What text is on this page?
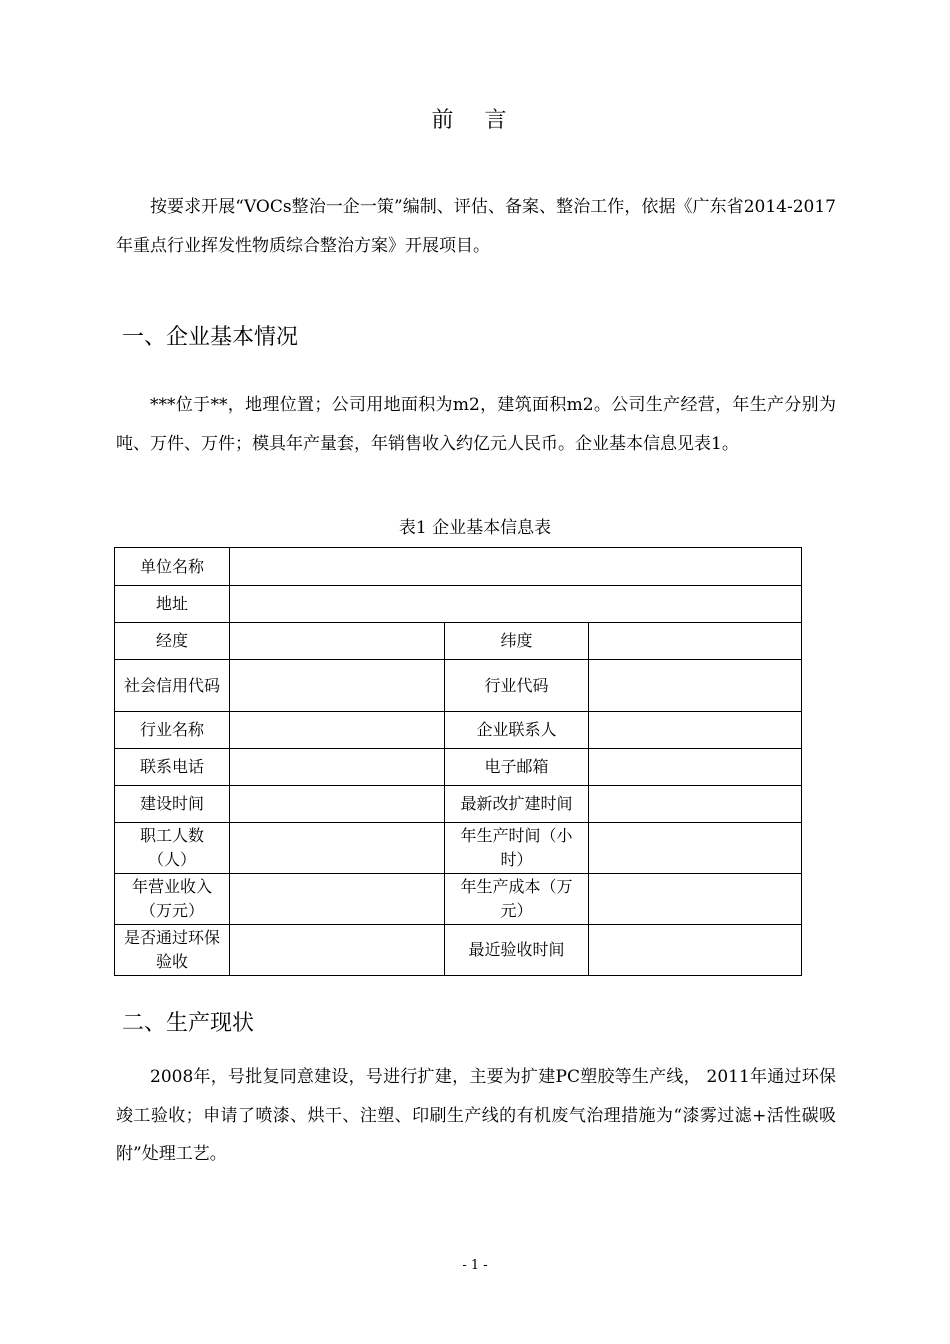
前 言

按要求开展“VOCs整治一企一策”编制、评估、备案、整治工作，依据《广东省2014-2017年重点行业挥发性物质综合整治方案》开展项目。

一、企业基本情况

***位于**，地理位置；公司用地面积为m2，建筑面积m2。公司生产经营，年生产分别为吨、万件、万件；模具年产量套，年销售收入约亿元人民币。企业基本信息见表1。

表1 企业基本信息表
单位名称			
地址			
经度		纬度	
社会信用代码		行业代码	
行业名称		企业联系人	
联系电话		电子邮箱	
建设时间		最新改扩建时间	
职工人数（人）		年生产时间（小时）	
年营业收入（万元）		年生产成本（万元）	
是否通过环保验收		最近验收时间	
二、生产现状

2008年，号批复同意建设，号进行扩建，主要为扩建PC塑胶等生产线， 2011年通过环保竣工验收；申请了喷漆、烘干、注塑、印刷生产线的有机废气治理措施为“漆雾过滤+活性碳吸附”处理工艺。

- 1 -
